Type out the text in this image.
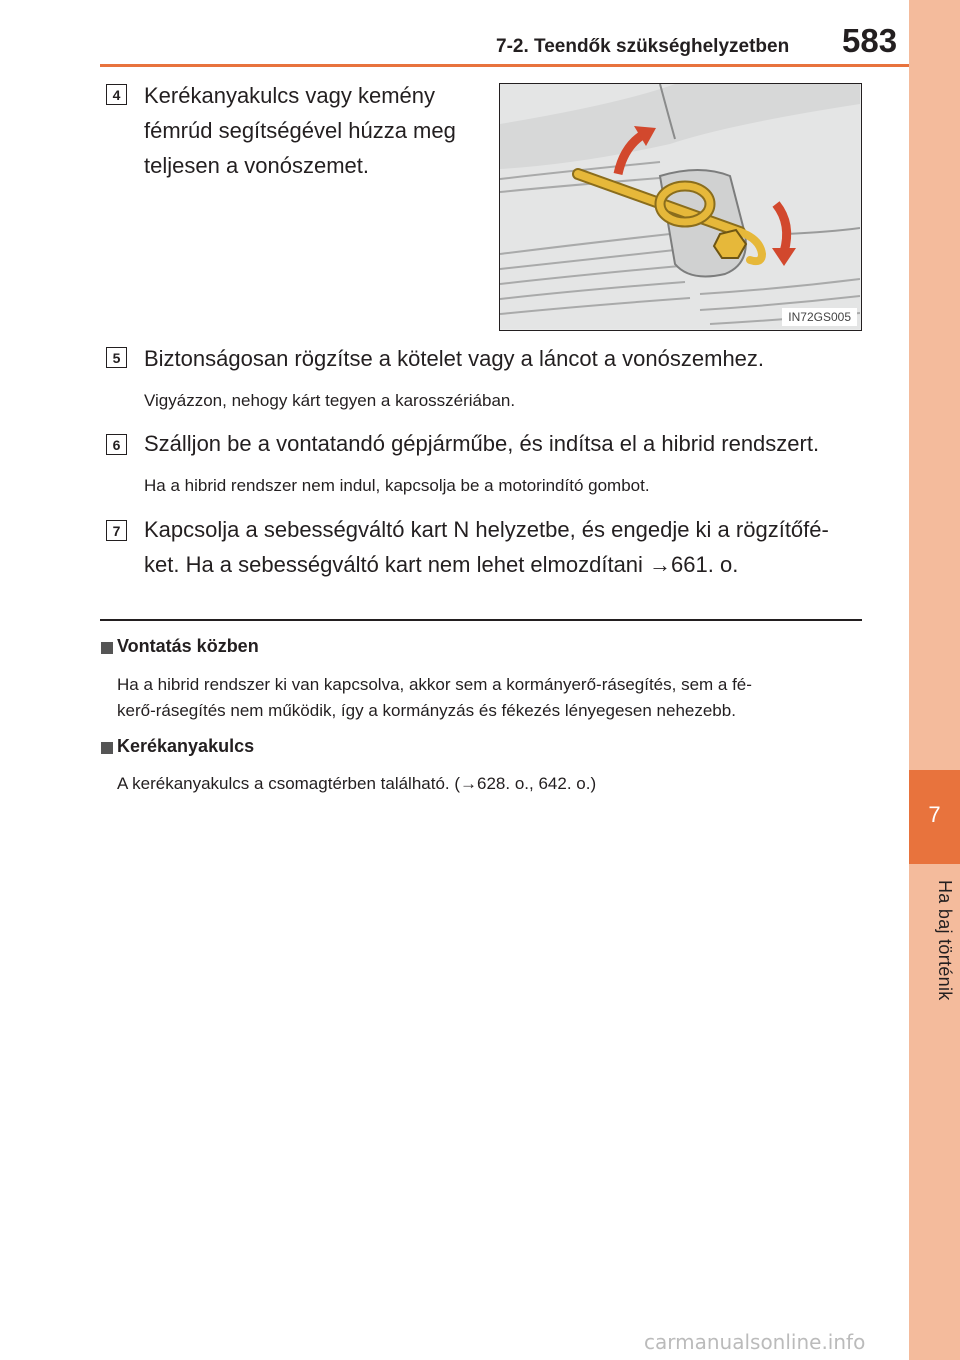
7
Ha baj történik
7-2. Teendők szükséghelyzetben 583
4	Kerékanyakulcs vagy kemény
fémrúd segítségével húzza meg
teljesen a vonószemet.
IN72GS005
5	Biztonságosan rögzítse a kötelet vagy a láncot a vonószemhez.
Vigyázzon, nehogy kárt tegyen a karosszériában.
6	Szálljon be a vontatandó gépjárműbe, és indítsa el a hibrid rendszert.
Ha a hibrid rendszer nem indul, kapcsolja be a motorindító gombot.
7	Kapcsolja a sebességváltó kart N helyzetbe, és engedje ki a rögzítőfé-
ket. Ha a sebességváltó kart nem lehet elmozdítani →661. o.
Vontatás közben
Ha a hibrid rendszer ki van kapcsolva, akkor sem a kormányerő-rásegítés, sem a fé-
kerő-rásegítés nem működik, így a kormányzás és fékezés lényegesen nehezebb.
Kerékanyakulcs
A kerékanyakulcs a csomagtérben található. (→628. o., 642. o.)
carmanualsonline.info
